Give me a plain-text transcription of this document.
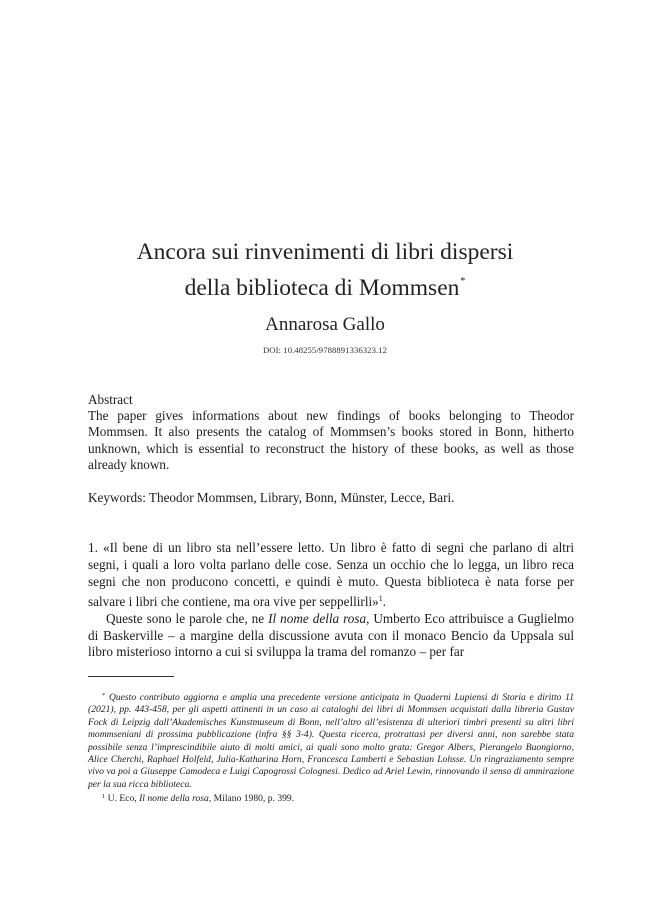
Ancora sui rinvenimenti di libri dispersi
della biblioteca di Mommsen*
Annarosa Gallo
DOI: 10.48255/9788891336323.12
Abstract
The paper gives informations about new findings of books belonging to Theodor Mommsen. It also presents the catalog of Mommsen’s books stored in Bonn, hitherto unknown, which is essential to reconstruct the history of these books, as well as those already known.
Keywords: Theodor Mommsen, Library, Bonn, Münster, Lecce, Bari.

1. «Il bene di un libro sta nell’essere letto. Un libro è fatto di segni che parlano di altri segni, i quali a loro volta parlano delle cose. Senza un occhio che lo legga, un libro reca segni che non producono concetti, e quindi è muto. Questa biblioteca è nata forse per salvare i libri che contiene, ma ora vive per seppellirli»$^1$.

Queste sono le parole che, ne Il nome della rosa, Umberto Eco attribuisce a Guglielmo di Baskerville – a margine della discussione avuta con il monaco Bencio da Uppsala sul libro misterioso intorno a cui si sviluppa la trama del romanzo – per far

* Questo contributo aggiorna e amplia una precedente versione anticipata in Quaderni Lupiensi di Storia e diritto 11 (2021), pp. 443-458, per gli aspetti attinenti in un caso ai cataloghi dei libri di Mommsen acquistati dalla libreria Gustav Fock di Leipzig dall’Akademisches Kunstmuseum di Bonn, nell’altro all’esistenza di ulteriori timbri presenti su altri libri mommseniani di prossima pubblicazione (infra §§ 3-4). Questa ricerca, protrattasi per diversi anni, non sarebbe stata possibile senza l’imprescindibile aiuto di molti amici, ai quali sono molto grata: Gregor Albers, Pierangelo Buongiorno, Alice Cherchi, Raphael Holfeld, Julia-Katharina Horn, Francesca Lamberti e Sebastian Lohsse. Un ringraziamento sempre vivo va poi a Giuseppe Camodeca e Luigi Capogrossi Colognesi. Dedico ad Ariel Lewin, rinnovando il senso di ammirazione per la sua ricca biblioteca.

$^1$ U. Eco, Il nome della rosa, Milano 1980, p. 399.
